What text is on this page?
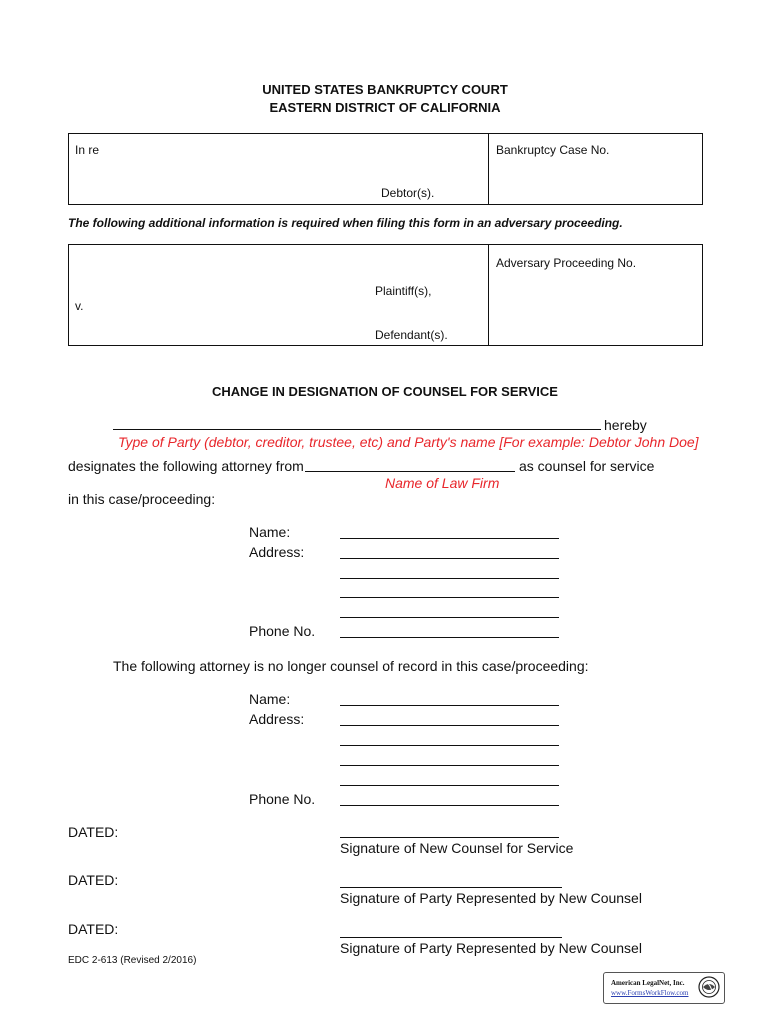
UNITED STATES BANKRUPTCY COURT
EASTERN DISTRICT OF CALIFORNIA
In re	Bankruptcy Case No.
Debtor(s).
The following additional information is required when filing this form in an adversary proceeding.
Adversary Proceeding No.
Plaintiff(s),
v.
Defendant(s).
CHANGE IN DESIGNATION OF COUNSEL FOR SERVICE
hereby
Type of Party (debtor, creditor, trustee, etc) and Party's name [For example: Debtor John Doe]
designates the following attorney from	as counsel for service
Name of Law Firm
in this case/proceeding:
Name:
Address:
Phone No.
The following attorney is no longer counsel of record in this case/proceeding:
Name:
Address:
Phone No.
DATED:
Signature of New Counsel for Service
DATED:
Signature of Party Represented by New Counsel
DATED:
Signature of Party Represented by New Counsel
EDC 2-613 (Revised 2/2016)
American LegalNet, Inc.
www.FormsWorkFlow.com
